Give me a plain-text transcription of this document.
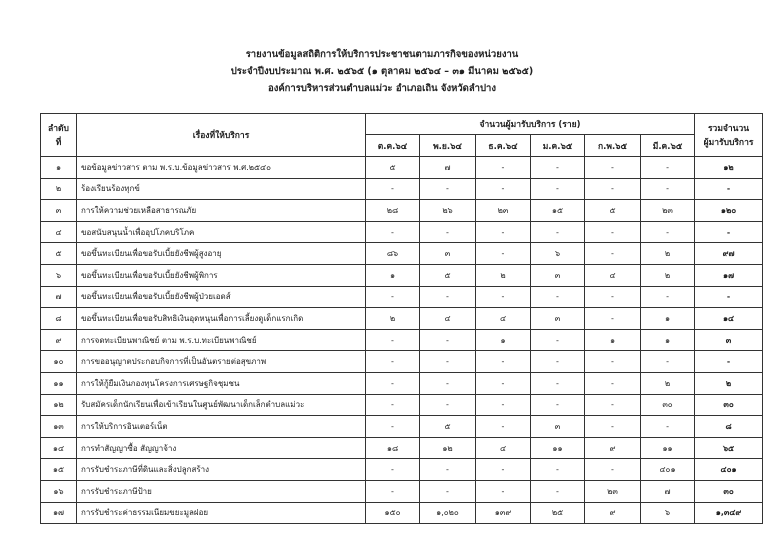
รายงานข้อมูลสถิติการให้บริการประชาชนตามภารกิจของหน่วยงาน
ประจำปีงบประมาณ พ.ศ. ๒๕๖๕ (๑ ตุลาคม ๒๕๖๔ – ๓๑ มีนาคม ๒๕๖๕)
องค์การบริหารส่วนตำบลแม่วะ อำเภอเถิน จังหวัดลำปาง
ลำดับ
ที่	เรื่องที่ให้บริการ	จำนวนผู้มารับบริการ (ราย)						รวมจำนวน
ผู้มารับบริการ
		ต.ค.๖๔	พ.ย.๖๔	ธ.ค.๖๔	ม.ค.๖๕	ก.พ.๖๕	มี.ค.๖๕	
๑	ขอข้อมูลข่าวสาร ตาม พ.ร.บ.ข้อมูลข่าวสาร พ.ศ.๒๕๔๐	๕	๗	-	-	-	-	๑๒
๒	ร้องเรียนร้องทุกข์	-	-	-	-	-	-	-
๓	การให้ความช่วยเหลือสาธารณภัย	๒๘	๒๖	๒๓	๑๕	๕	๒๓	๑๒๐
๔	ขอสนับสนุนน้ำเพื่ออุปโภคบริโภค	-	-	-	-	-	-	-
๕	ขอขึ้นทะเบียนเพื่อขอรับเบี้ยยังชีพผู้สูงอายุ	๘๖	๓	-	๖	-	๒	๙๗
๖	ขอขึ้นทะเบียนเพื่อขอรับเบี้ยยังชีพผู้พิการ	๑	๕	๒	๓	๔	๒	๑๗
๗	ขอขึ้นทะเบียนเพื่อขอรับเบี้ยยังชีพผู้ป่วยเอดส์	-	-	-	-	-	-	-
๘	ขอขึ้นทะเบียนเพื่อขอรับสิทธิเงินอุดหนุนเพื่อการเลี้ยงดูเด็กแรกเกิด	๒	๔	๔	๓	-	๑	๑๔
๙	การจดทะเบียนพาณิชย์ ตาม พ.ร.บ.ทะเบียนพาณิชย์	-	-	๑	-	๑	๑	๓
๑๐	การขออนุญาตประกอบกิจการที่เป็นอันตรายต่อสุขภาพ	-	-	-	-	-	-	-
๑๑	การให้กู้ยืมเงินกองทุนโครงการเศรษฐกิจชุมชน	-	-	-	-	-	๒	๒
๑๒	รับสมัครเด็กนักเรียนเพื่อเข้าเรียนในศูนย์พัฒนาเด็กเล็กตำบลแม่วะ	-	-	-	-	-	๓๐	๓๐
๑๓	การให้บริการอินเตอร์เน็ต	-	๕	-	๓	-	-	๘
๑๔	การทำสัญญาซื้อ สัญญาจ้าง	๑๘	๑๒	๔	๑๑	๙	๑๑	๖๕
๑๕	การรับชำระภาษีที่ดินและสิ่งปลูกสร้าง	-	-	-	-	-	๔๐๑	๔๐๑
๑๖	การรับชำระภาษีป้าย	-	-	-	-	๒๓	๗	๓๐
๑๗	การรับชำระค่าธรรมเนียมขยะมูลฝอย	๑๕๐	๑,๐๒๐	๑๓๙	๒๕	๙	๖	๑,๓๔๙
